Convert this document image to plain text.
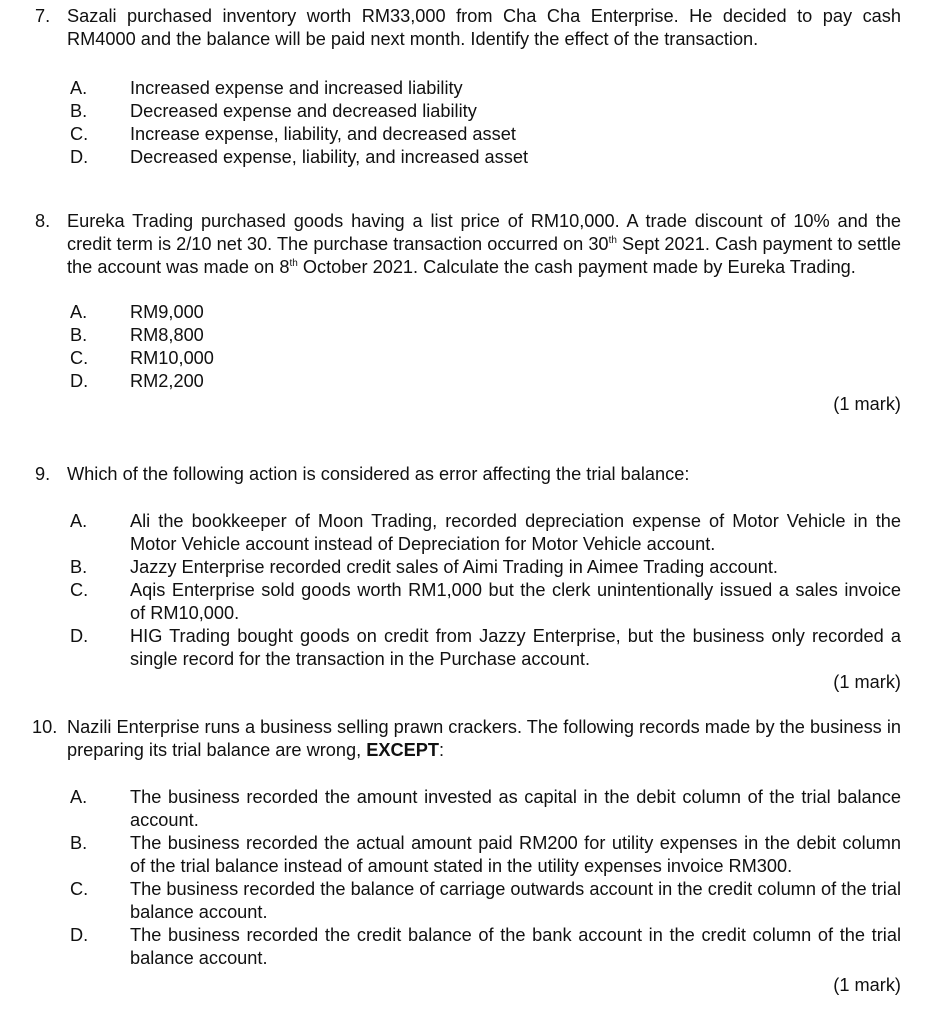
7. Sazali purchased inventory worth RM33,000 from Cha Cha Enterprise. He decided to pay cash RM4000 and the balance will be paid next month. Identify the effect of the transaction.
A. Increased expense and increased liability
B. Decreased expense and decreased liability
C. Increase expense, liability, and decreased asset
D. Decreased expense, liability, and increased asset
8. Eureka Trading purchased goods having a list price of RM10,000. A trade discount of 10% and the credit term is 2/10 net 30. The purchase transaction occurred on 30th Sept 2021. Cash payment to settle the account was made on 8th October 2021. Calculate the cash payment made by Eureka Trading.
A. RM9,000
B. RM8,800
C. RM10,000
D. RM2,200
(1 mark)
9. Which of the following action is considered as error affecting the trial balance:
A. Ali the bookkeeper of Moon Trading, recorded depreciation expense of Motor Vehicle in the Motor Vehicle account instead of Depreciation for Motor Vehicle account.
B. Jazzy Enterprise recorded credit sales of Aimi Trading in Aimee Trading account.
C. Aqis Enterprise sold goods worth RM1,000 but the clerk unintentionally issued a sales invoice of RM10,000.
D. HIG Trading bought goods on credit from Jazzy Enterprise, but the business only recorded a single record for the transaction in the Purchase account.
(1 mark)
10. Nazili Enterprise runs a business selling prawn crackers. The following records made by the business in preparing its trial balance are wrong, EXCEPT:
A. The business recorded the amount invested as capital in the debit column of the trial balance account.
B. The business recorded the actual amount paid RM200 for utility expenses in the debit column of the trial balance instead of amount stated in the utility expenses invoice RM300.
C. The business recorded the balance of carriage outwards account in the credit column of the trial balance account.
D. The business recorded the credit balance of the bank account in the credit column of the trial balance account.
(1 mark)
